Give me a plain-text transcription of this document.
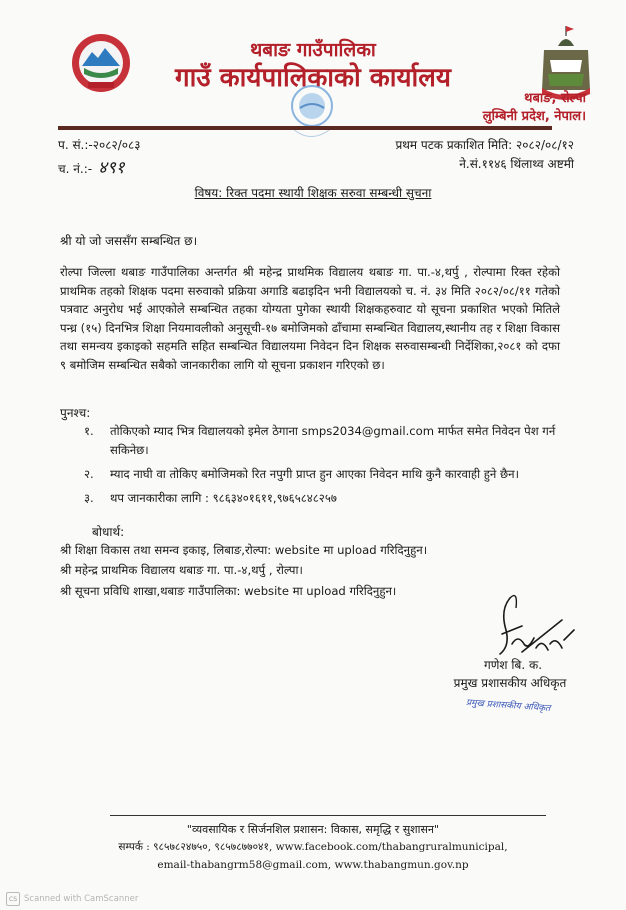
थबाङ गाउँपालिका
गाउँ कार्यपालिकाको कार्यालय
थबाङ, रोल्पा
लुम्बिनी प्रदेश, नेपाल।
प. सं.:-२०८२/०८३
च. नं.:- ४९१
प्रथम पटक प्रकाशित मिति: २०८२/०८/१२
ने.सं.११४६ थिंलाथ्व अष्टमी
विषय: रिक्त पदमा स्थायी शिक्षक सरुवा सम्बन्धी सुचना
श्री यो जो जससँग सम्बन्धित छ।
रोल्पा जिल्ला थबाङ गाउँपालिका अन्तर्गत श्री महेन्द्र प्राथमिक विद्यालय थबाङ गा. पा.-४,थर्पु , रोल्पामा रिक्त रहेको प्राथमिक तहको शिक्षक पदमा सरुवाको प्रक्रिया अगाडि बढाइदिन भनी विद्यालयको च. नं. ३४ मिति २०८२/०८/११ गतेको पत्रवाट अनुरोध भई आएकोले सम्बन्धित तहका योग्यता पुगेका स्थायी शिक्षकहरुवाट यो सूचना प्रकाशित भएको मितिले पन्ध्र (१५) दिनभित्र शिक्षा नियमावलीको अनुसूची-१७ बमोजिमको ढाँचामा सम्बन्धित विद्यालय,स्थानीय तह र शिक्षा विकास तथा समन्वय इकाइको सहमति सहित सम्बन्धित विद्यालयमा निवेदन दिन शिक्षक सरुवासम्बन्धी निर्देशिका,२०८१ को दफा ९ बमोजिम सम्बन्धित सबैको जानकारीका लागि यो सूचना प्रकाशन गरिएको छ।
पुनश्च:
१.	तोकिएको म्याद भित्र विद्यालयको इमेल ठेगाना smps2034@gmail.com मार्फत समेत निवेदन पेश गर्न सकिनेछ।
२.	म्याद नाघी वा तोकिए बमोजिमको रित नपुगी प्राप्त हुन आएका निवेदन माथि कुनै कारवाही हुने छैन।
३.	थप जानकारीका लागि : ९८६३४०१६११,९७६५८४८२५७
बोधार्थ:
श्री शिक्षा विकास तथा समन्व इकाइ, लिबाङ,रोल्पा: website मा upload गरिदिनुहुन।
श्री महेन्द्र प्राथमिक विद्यालय थबाङ गा. पा.-४,थर्पु , रोल्पा।
श्री सूचना प्रविधि शाखा,थबाङ गाउँपालिका: website मा upload गरिदिनुहुन।
गणेश बि. क.
प्रमुख प्रशासकीय अधिकृत
प्रमुख प्रशासकीय अधिकृत
"व्यवसायिक र सिर्जनशिल प्रशासन: विकास, समृद्धि र सुशासन"
सम्पर्क : ९८५७८२४७५०, ९८५७८७७०४१, www.facebook.com/thabangruralmunicipal,
email-thabangrm58@gmail.com, www.thabangmun.gov.np
CS Scanned with CamScanner
